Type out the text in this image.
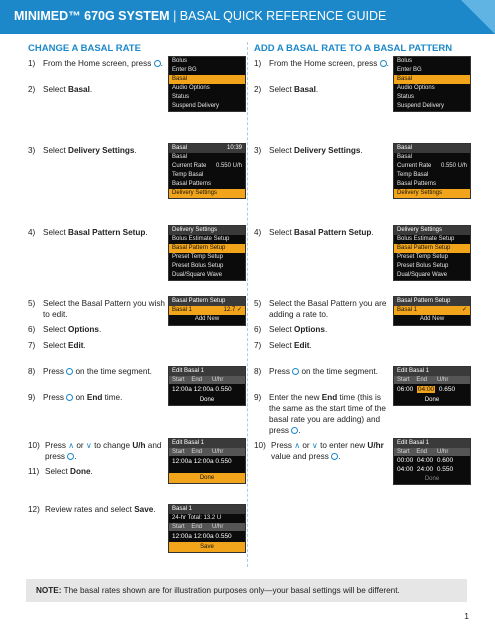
MINIMED™ 670G SYSTEM | BASAL QUICK REFERENCE GUIDE
CHANGE A BASAL RATE	ADD A BASAL RATE TO A BASAL PATTERN
1) From the Home screen, press .
2) Select Basal.
3) Select Delivery Settings.
4) Select Basal Pattern Setup.
5) Select the Basal Pattern you wish to edit.
6) Select Options.
7) Select Edit.
8) Press on the time segment.
9) Press on End time.
10) Press ∧ or ∨ to change U/h and press .
11) Select Done.
12) Review rates and select Save.
1) From the Home screen, press .
2) Select Basal.
3) Select Delivery Settings.
4) Select Basal Pattern Setup.
5) Select the Basal Pattern you are adding a rate to.
6) Select Options.
7) Select Edit.
8) Press on the time segment.
9) Enter the new End time (this is the same as the start time of the basal rate you are adding) and press .
10) Press ∧ or ∨ to enter new U/hr value and press .
Bolus
Enter BG
Basal
Audio Options
Status
Suspend Delivery
Basal	10:39
Basal
Current Rate 0.550 U/h
Temp Basal
Basal Patterns
Delivery Settings
Delivery Settings
Bolus Estimate Setup
Basal Pattern Setup
Preset Temp Setup
Preset Bolus Setup
Dual/Square Wave
Basal Pattern Setup
Basal 1	12.7 ✓
Add New
Edit Basal 1
Start End U/hr
12:00a 12:00a 0.550
Done
Edit Basal 1
Start End U/hr
12:00a 12:00a 0.550
Done
Basal 1
24-hr Total: 13.2 U
Start End U/hr
12:00a 12:00a 0.550
Save
Bolus
Enter BG
Basal
Audio Options
Status
Suspend Delivery
Basal
Basal
Current Rate 0.550 U/h
Temp Basal
Basal Patterns
Delivery Settings
Delivery Settings
Bolus Estimate Setup
Basal Pattern Setup
Preset Temp Setup
Preset Bolus Setup
Dual/Square Wave
Basal Pattern Setup
Basal 1	✓
Add New
Edit Basal 1
Start End U/hr
06:00 04:00 0.650
Done
Edit Basal 1
Start End U/hr
00:00 04:00 0.600
04:00 24:00 0.550
Done
NOTE: The basal rates shown are for illustration purposes only—your basal settings will be different.
1
